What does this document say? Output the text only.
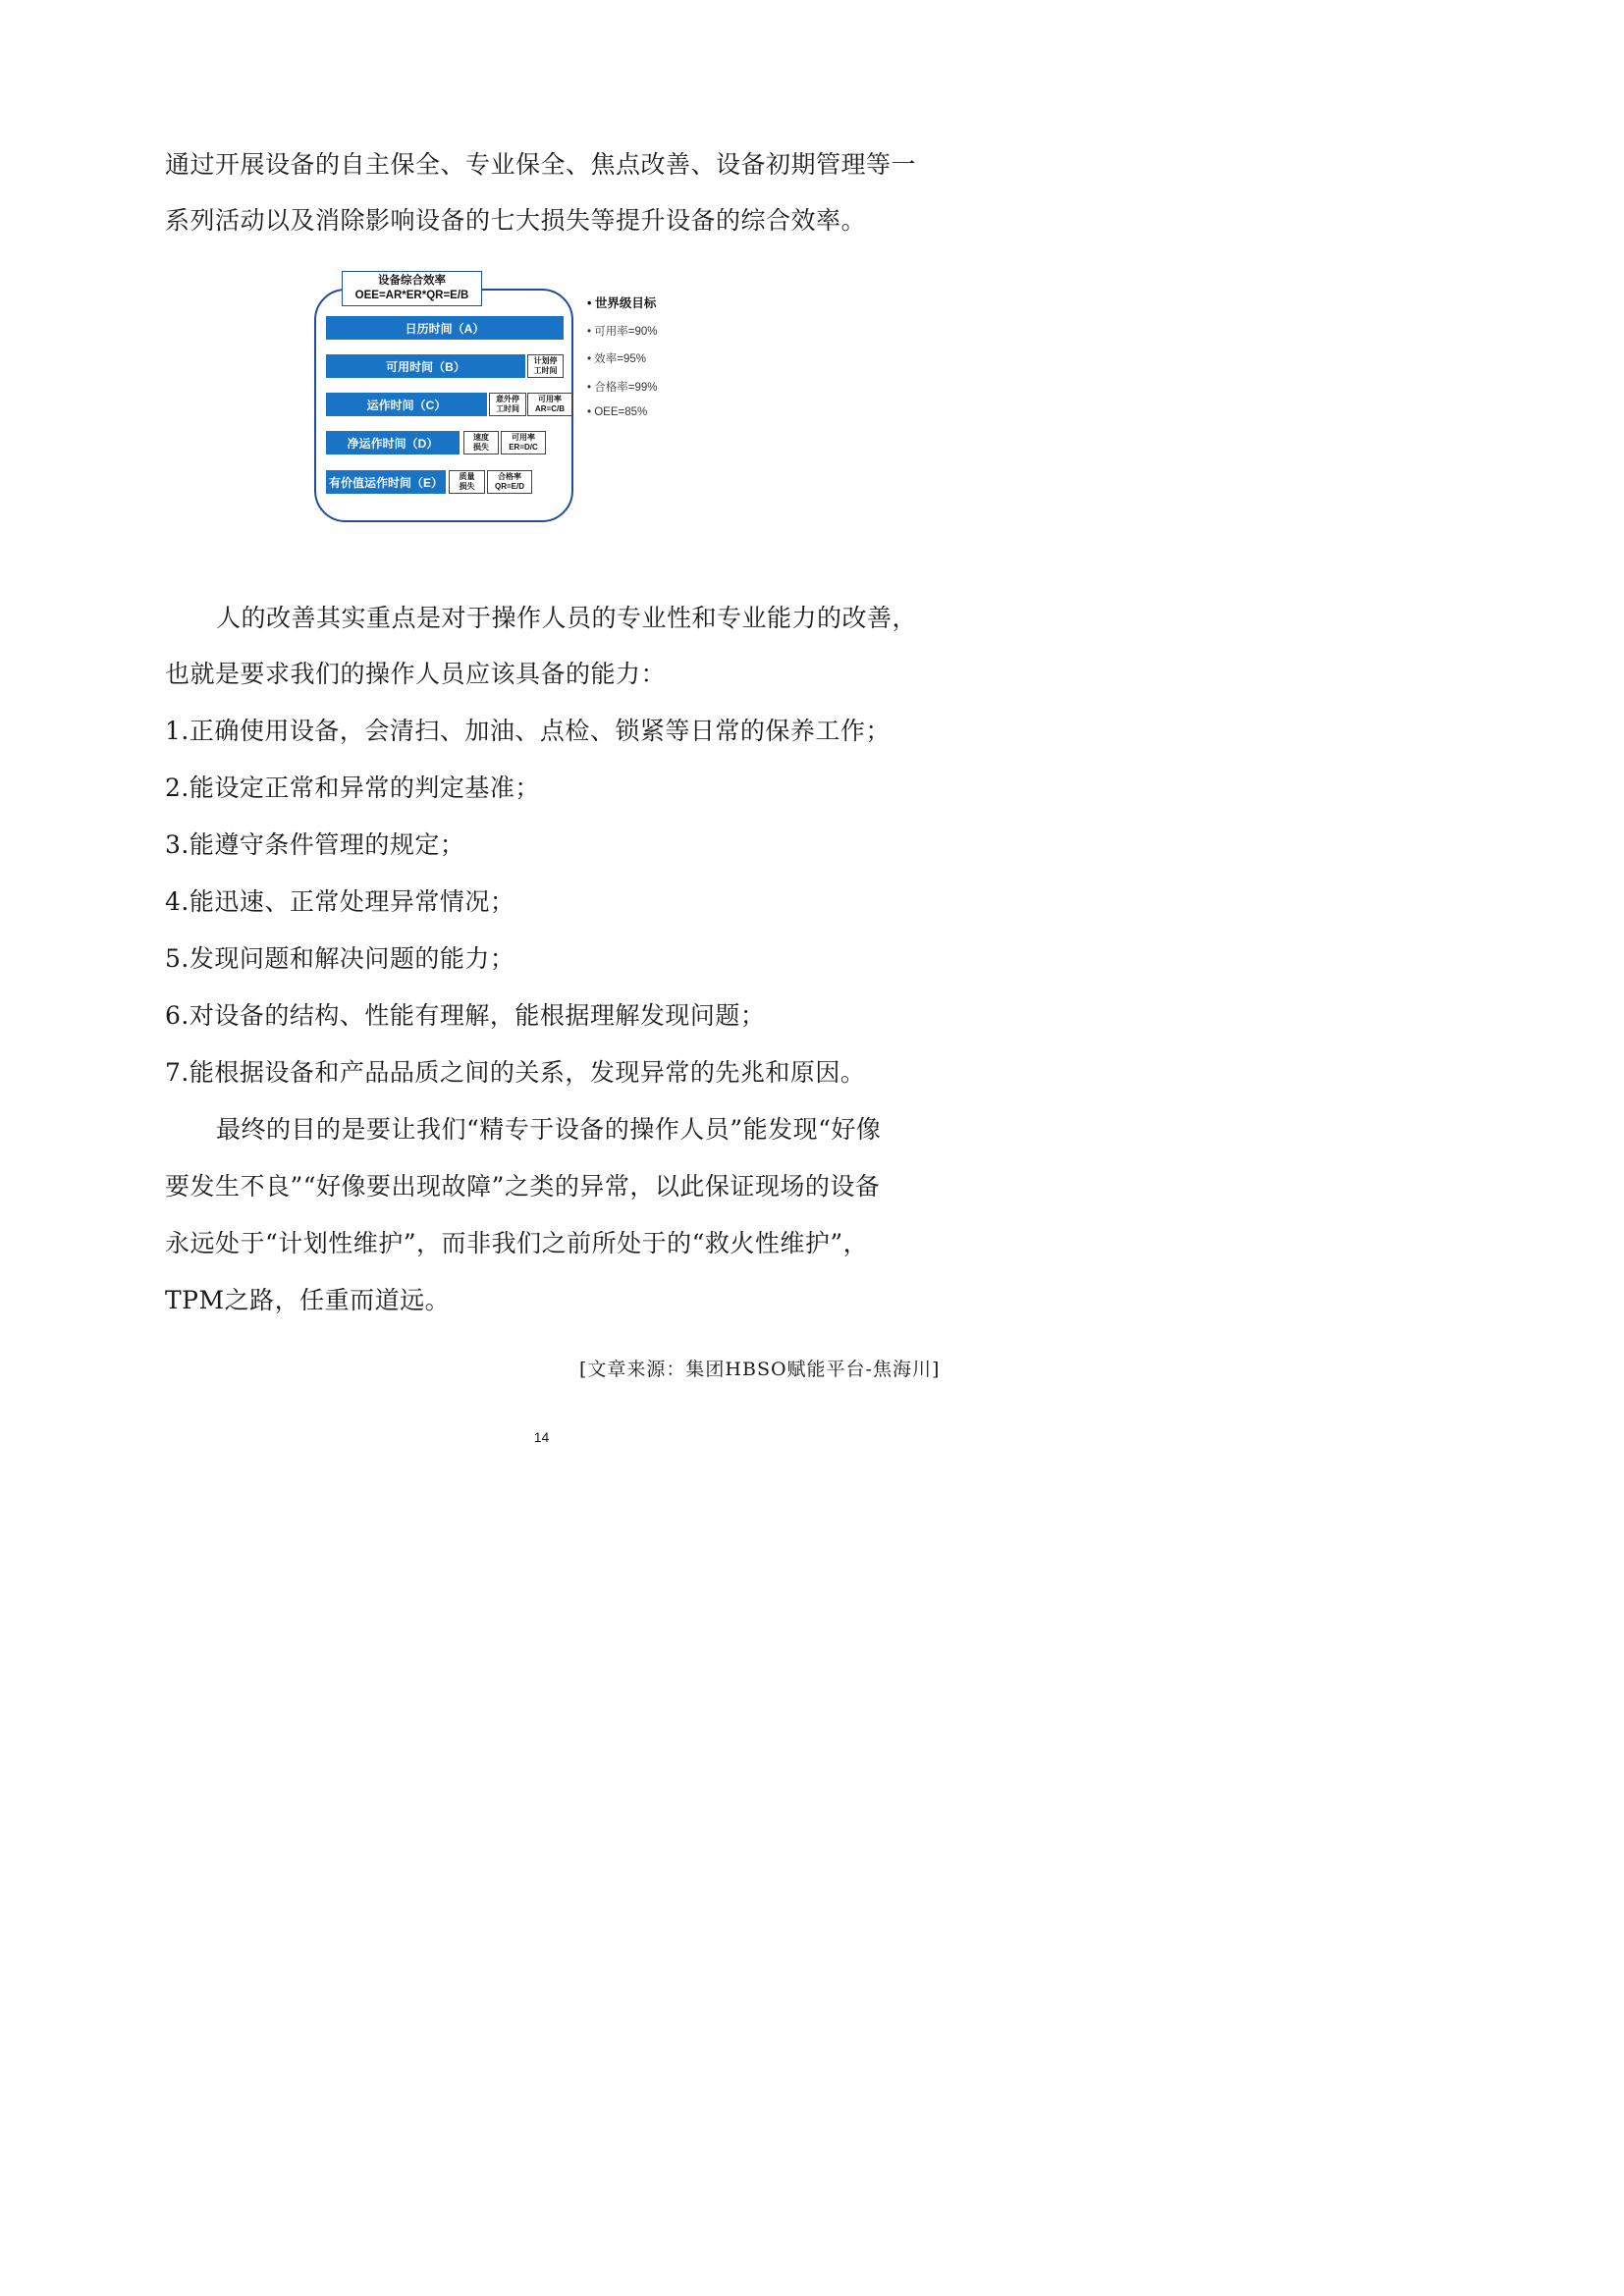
通过开展设备的自主保全、专业保全、焦点改善、设备初期管理等一
系列活动以及消除影响设备的七大损失等提升设备的综合效率。
设备综合效率
OEE=AR*ER*QR=E/B
日历时间（A）
可用时间（B）	计划停
工时间
运作时间（C）	意外停
工时间
可用率
AR=C/B
净运作时间（D）	速度
损失
可用率
ER=D/C
有价值运作时间（E）	质量
损失
合格率
QR=E/D
• 世界级目标
• 可用率=90%
• 效率=95%
• 合格率=99%
• OEE=85%
人的改善其实重点是对于操作人员的专业性和专业能力的改善，
也就是要求我们的操作人员应该具备的能力：
1.正确使用设备，会清扫、加油、点检、锁紧等日常的保养工作；
2.能设定正常和异常的判定基准；
3.能遵守条件管理的规定；
4.能迅速、正常处理异常情况；
5.发现问题和解决问题的能力；
6.对设备的结构、性能有理解，能根据理解发现问题；
7.能根据设备和产品品质之间的关系，发现异常的先兆和原因。
最终的目的是要让我们“精专于设备的操作人员”能发现“好像
要发生不良”“好像要出现故障”之类的异常，以此保证现场的设备
永远处于“计划性维护”，而非我们之前所处于的“救火性维护”，
TPM之路，任重而道远。
[文章来源：集团HBSO赋能平台-焦海川]
14
